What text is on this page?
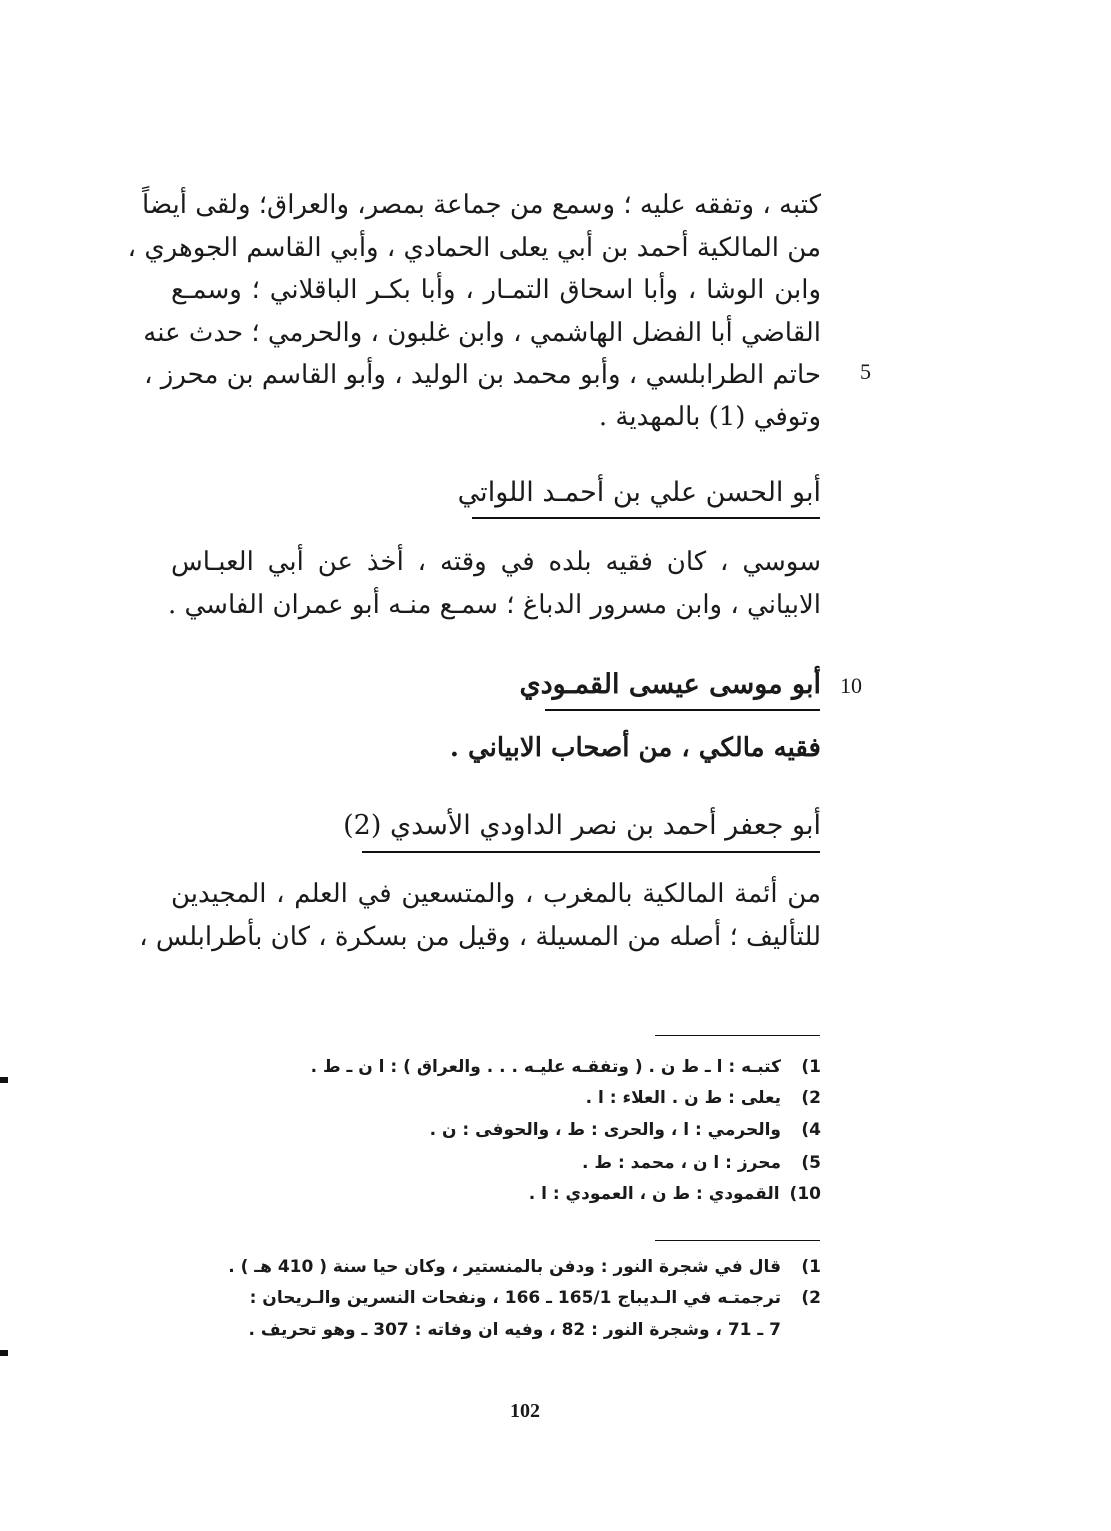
كتبه ، وتفقه عليه ؛ وسمع من جماعة بمصر، والعراق؛ ولقى أيضاً
من المالكية أحمد بن أبي يعلى الحمادي ، وأبي القاسم الجوهري ،
وابن الوشا ، وأبا اسحاق التمـار ، وأبا بكـر الباقلاني ؛ وسمـع
القاضي أبا الفضل الهاشمي ، وابن غلبون ، والحرمي ؛ حدث عنه
حاتم الطرابلسي ، وأبو محمد بن الوليد ، وأبو القاسم بن محرز ،
وتوفي (1) بالمهدية .
5
أبو الحسن علي بن أحمـد اللواتي
سوسي ، كان فقيه بلده في وقته ، أخذ عن أبي العبـاس
الابياني ، وابن مسرور الدباغ ؛ سمـع منـه أبو عمران الفاسي .
أبو موسى عيسى القمـودي 10
فقيه مالكي ، من أصحاب الابياني .
أبو جعفر أحمد بن نصر الداودي الأسدي (2)
من أئمة المالكية بالمغرب ، والمتسعين في العلم ، المجيدين
للتأليف ؛ أصله من المسيلة ، وقيل من بسكرة ، كان بأطرابلس ،
1)كتبـه : ا ـ ط ن . ( وتفقـه عليـه . . . والعراق ) : ا ن ـ ط .
2)يعلى : ط ن . العلاء : ا .
4)والحرمي : ا ، والحرى : ط ، والحوفى : ن .
5)محرز : ا ن ، محمد : ط .
10)القمودي : ط ن ، العمودي : ا .
1)قال في شجرة النور : ودفن بالمنستير ، وكان حيا سنة ( 410 هـ ) .
2)ترجمتـه في الـديباج 165/1 ـ 166 ، ونفحات النسرين والـريحان :
7 ـ 71 ، وشجرة النور : 82 ، وفيه ان وفاته : 307 ـ وهو تحريف .
102
